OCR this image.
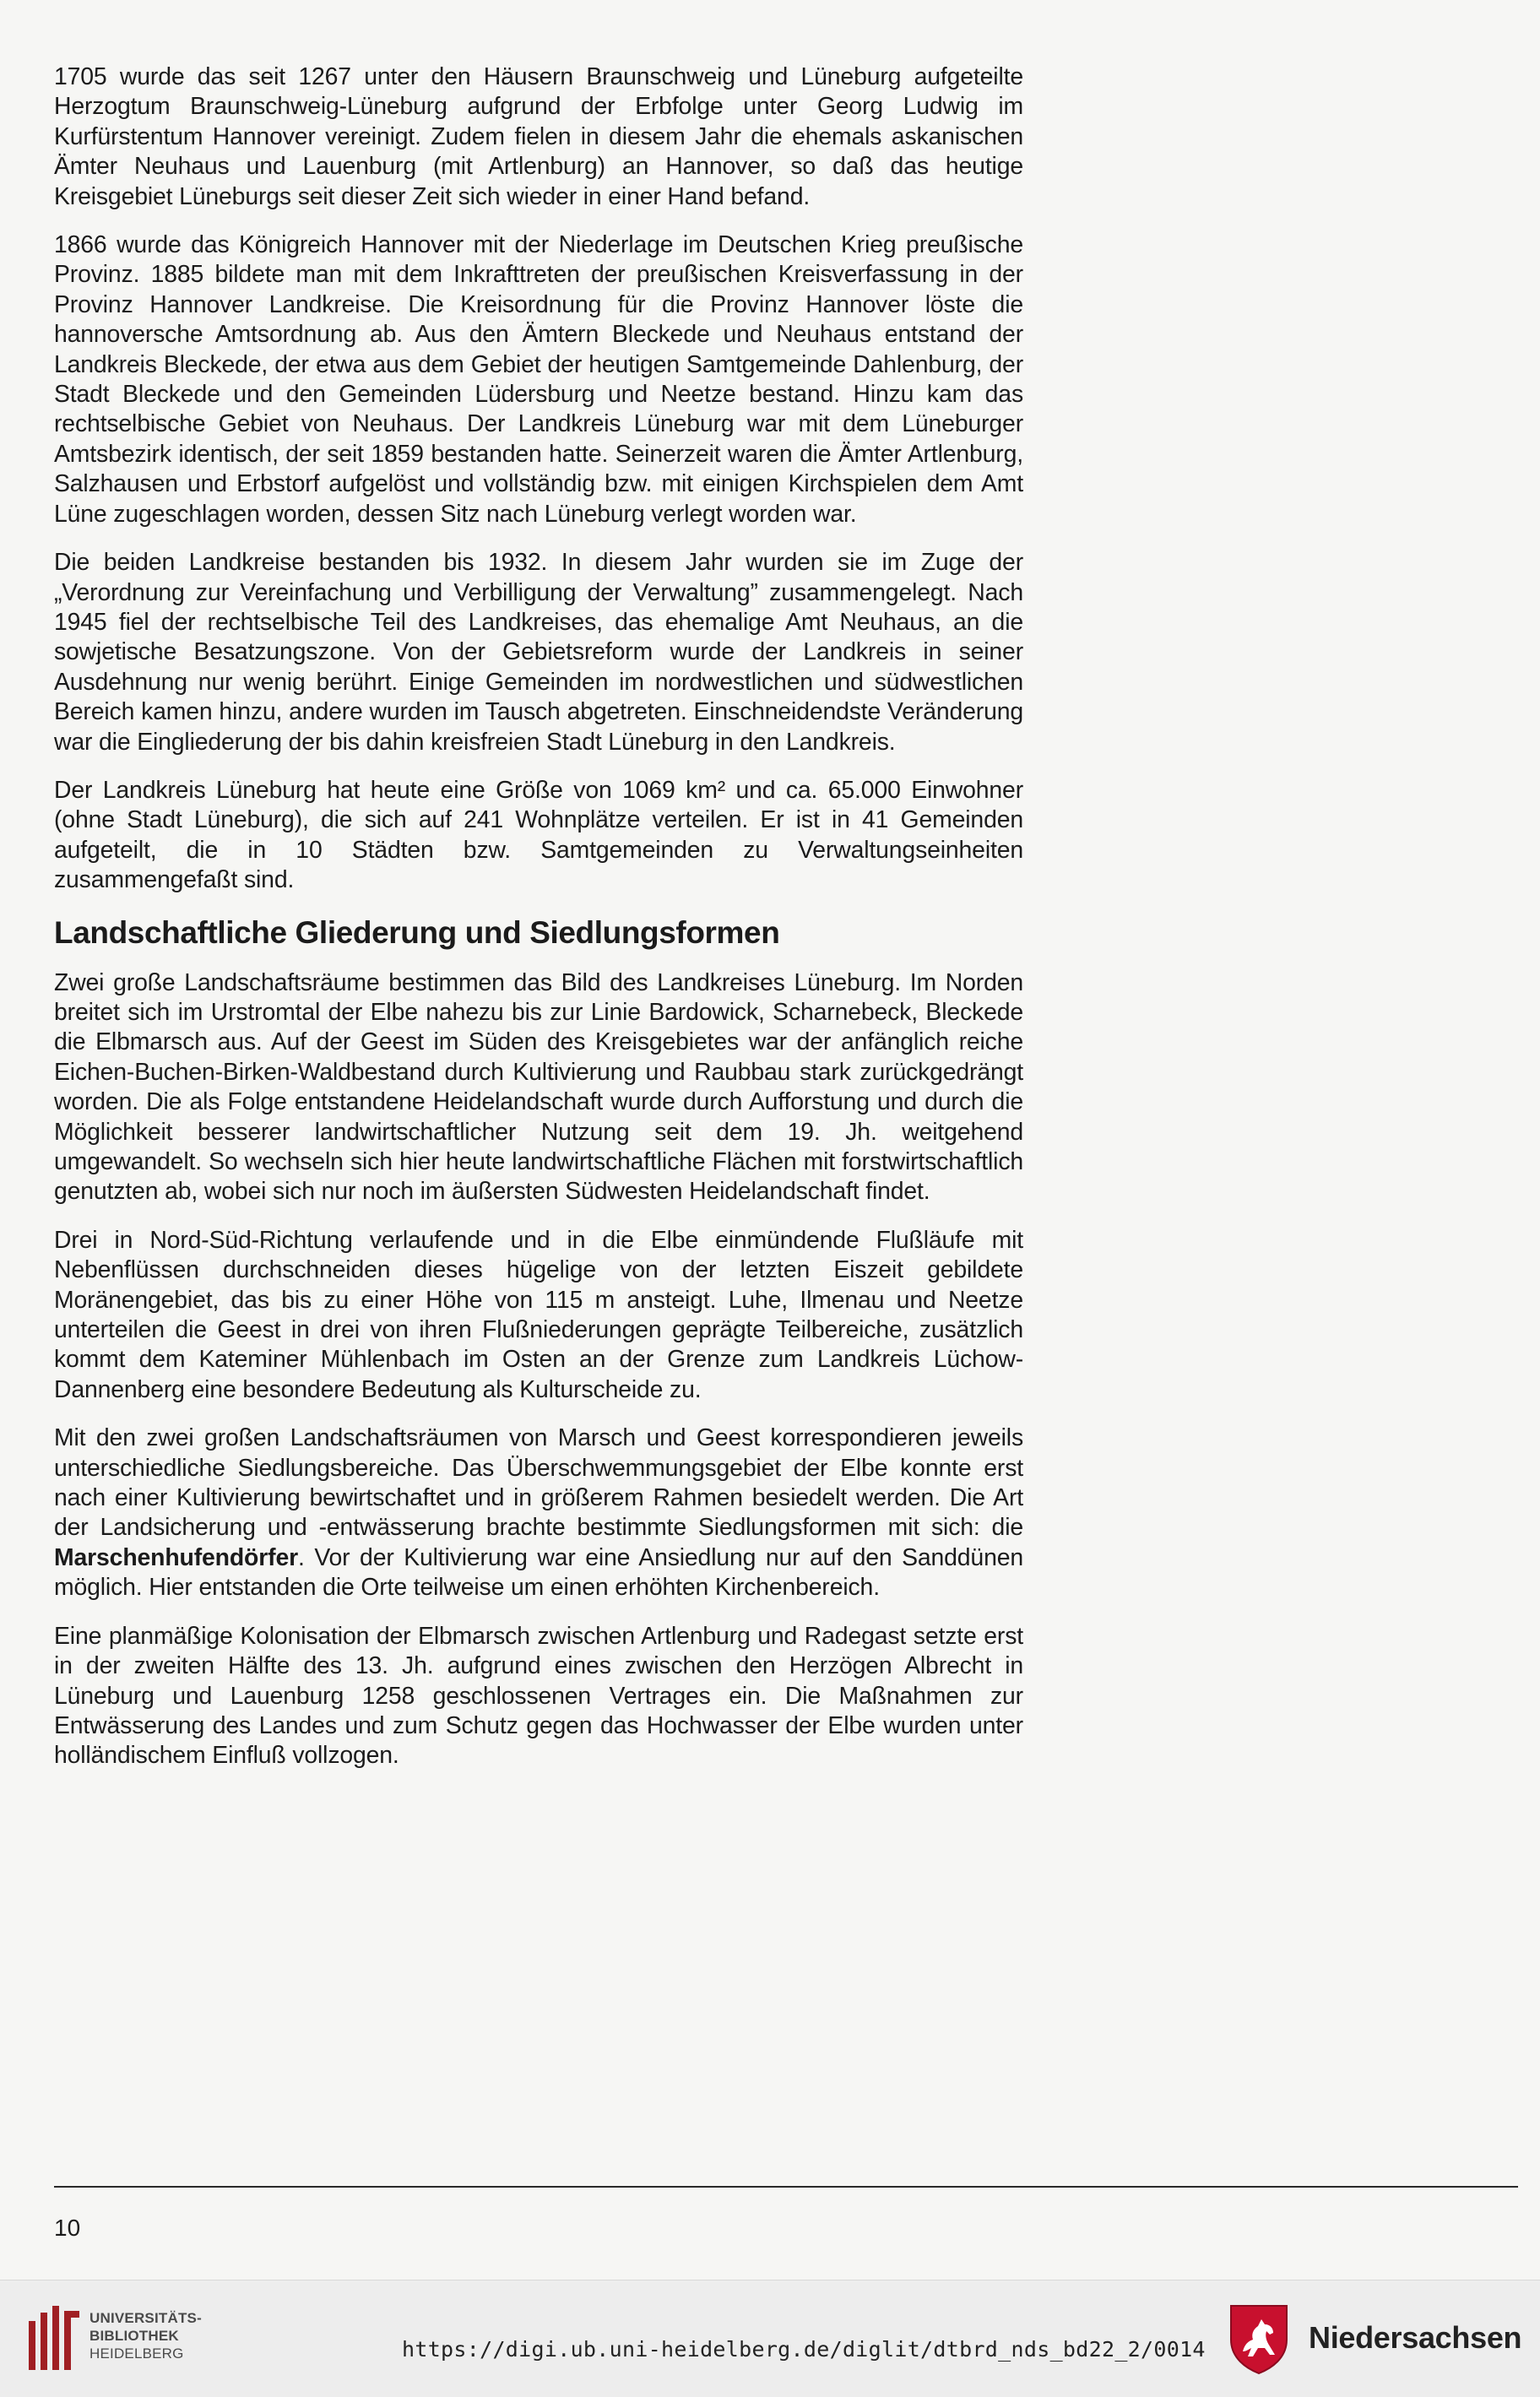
1705 wurde das seit 1267 unter den Häusern Braunschweig und Lüneburg aufgeteilte Herzogtum Braunschweig-Lüneburg aufgrund der Erbfolge unter Georg Ludwig im Kurfürstentum Hannover vereinigt. Zudem fielen in diesem Jahr die ehemals askanischen Ämter Neuhaus und Lauenburg (mit Artlenburg) an Hannover, so daß das heutige Kreisgebiet Lüneburgs seit dieser Zeit sich wieder in einer Hand befand.

1866 wurde das Königreich Hannover mit der Niederlage im Deutschen Krieg preußische Provinz. 1885 bildete man mit dem Inkrafttreten der preußischen Kreisverfassung in der Provinz Hannover Landkreise. Die Kreisordnung für die Provinz Hannover löste die hannoversche Amtsordnung ab. Aus den Ämtern Bleckede und Neuhaus entstand der Landkreis Bleckede, der etwa aus dem Gebiet der heutigen Samtgemeinde Dahlenburg, der Stadt Bleckede und den Gemeinden Lüdersburg und Neetze bestand. Hinzu kam das rechtselbische Gebiet von Neuhaus. Der Landkreis Lüneburg war mit dem Lüneburger Amtsbezirk identisch, der seit 1859 bestanden hatte. Seinerzeit waren die Ämter Artlenburg, Salzhausen und Erbstorf aufgelöst und vollständig bzw. mit einigen Kirchspielen dem Amt Lüne zugeschlagen worden, dessen Sitz nach Lüneburg verlegt worden war.

Die beiden Landkreise bestanden bis 1932. In diesem Jahr wurden sie im Zuge der „Verordnung zur Vereinfachung und Verbilligung der Verwaltung” zusammengelegt. Nach 1945 fiel der rechtselbische Teil des Landkreises, das ehemalige Amt Neuhaus, an die sowjetische Besatzungszone. Von der Gebietsreform wurde der Landkreis in seiner Ausdehnung nur wenig berührt. Einige Gemeinden im nordwestlichen und südwestlichen Bereich kamen hinzu, andere wurden im Tausch abgetreten. Einschneidendste Veränderung war die Eingliederung der bis dahin kreisfreien Stadt Lüneburg in den Landkreis.

Der Landkreis Lüneburg hat heute eine Größe von 1069 km² und ca. 65.000 Einwohner (ohne Stadt Lüneburg), die sich auf 241 Wohnplätze verteilen. Er ist in 41 Gemeinden aufgeteilt, die in 10 Städten bzw. Samtgemeinden zu Verwaltungseinheiten zusammengefaßt sind.

Landschaftliche Gliederung und Siedlungsformen

Zwei große Landschaftsräume bestimmen das Bild des Landkreises Lüneburg. Im Norden breitet sich im Urstromtal der Elbe nahezu bis zur Linie Bardowick, Scharnebeck, Bleckede die Elbmarsch aus. Auf der Geest im Süden des Kreisgebietes war der anfänglich reiche Eichen-Buchen-Birken-Waldbestand durch Kultivierung und Raubbau stark zurückgedrängt worden. Die als Folge entstandene Heidelandschaft wurde durch Aufforstung und durch die Möglichkeit besserer landwirtschaftlicher Nutzung seit dem 19. Jh. weitgehend umgewandelt. So wechseln sich hier heute landwirtschaftliche Flächen mit forstwirtschaftlich genutzten ab, wobei sich nur noch im äußersten Südwesten Heidelandschaft findet.

Drei in Nord-Süd-Richtung verlaufende und in die Elbe einmündende Flußläufe mit Nebenflüssen durchschneiden dieses hügelige von der letzten Eiszeit gebildete Moränengebiet, das bis zu einer Höhe von 115 m ansteigt. Luhe, Ilmenau und Neetze unterteilen die Geest in drei von ihren Flußniederungen geprägte Teilbereiche, zusätzlich kommt dem Kateminer Mühlenbach im Osten an der Grenze zum Landkreis Lüchow-Dannenberg eine besondere Bedeutung als Kulturscheide zu.

Mit den zwei großen Landschaftsräumen von Marsch und Geest korrespondieren jeweils unterschiedliche Siedlungsbereiche. Das Überschwemmungsgebiet der Elbe konnte erst nach einer Kultivierung bewirtschaftet und in größerem Rahmen besiedelt werden. Die Art der Landsicherung und -entwässerung brachte bestimmte Siedlungsformen mit sich: die Marschenhufendörfer. Vor der Kultivierung war eine Ansiedlung nur auf den Sanddünen möglich. Hier entstanden die Orte teilweise um einen erhöhten Kirchenbereich.

Eine planmäßige Kolonisation der Elbmarsch zwischen Artlenburg und Radegast setzte erst in der zweiten Hälfte des 13. Jh. aufgrund eines zwischen den Herzögen Albrecht in Lüneburg und Lauenburg 1258 geschlossenen Vertrages ein. Die Maßnahmen zur Entwässerung des Landes und zum Schutz gegen das Hochwasser der Elbe wurden unter holländischem Einfluß vollzogen.

10
UNIVERSITÄTS-
BIBLIOTHEK
HEIDELBERG	https://digi.ub.uni-heidelberg.de/diglit/dtbrd_nds_bd22_2/0014	Niedersachsen
